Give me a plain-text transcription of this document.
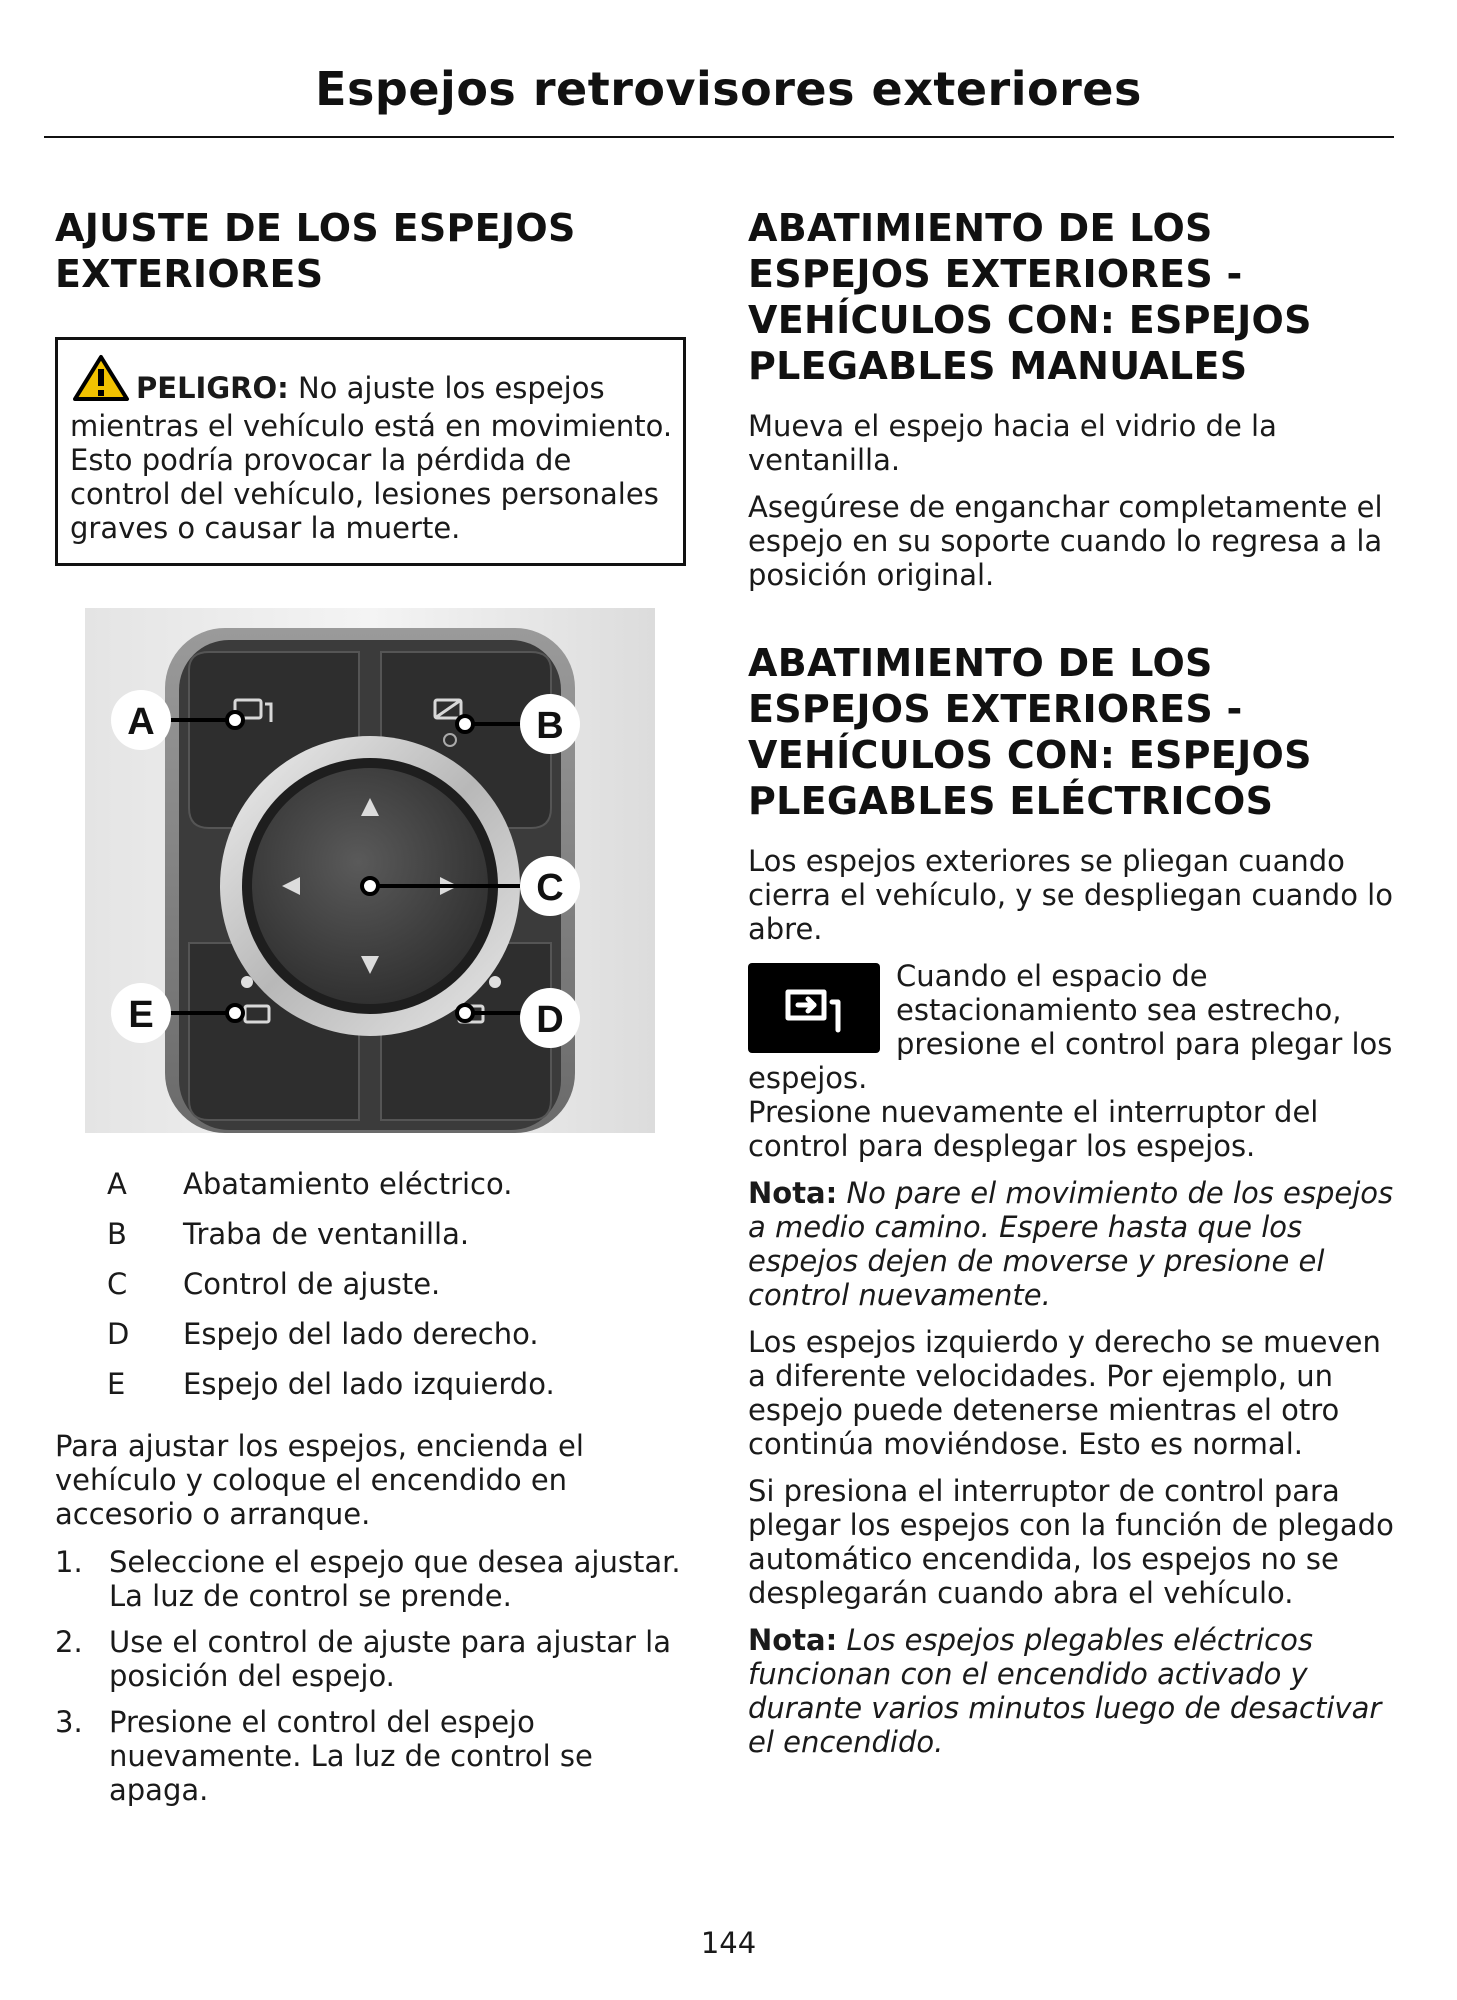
Espejos retrovisores exteriores
AJUSTE DE LOS ESPEJOS
EXTERIORES
PELIGRO: No ajuste los espejos mientras el vehículo está en movimiento. Esto podría provocar la pérdida de control del vehículo, lesiones personales graves o causar la muerte.
A	B
C
D
E
A	Abatamiento eléctrico.
B	Traba de ventanilla.
C	Control de ajuste.
D	Espejo del lado derecho.
E	Espejo del lado izquierdo.

Para ajustar los espejos, encienda el vehículo y coloque el encendido en accesorio o arranque.

1. Seleccione el espejo que desea ajustar. La luz de control se prende.
2. Use el control de ajuste para ajustar la posición del espejo.
3. Presione el control del espejo nuevamente. La luz de control se apaga.
ABATIMIENTO DE LOS
ESPEJOS EXTERIORES -
VEHÍCULOS CON: ESPEJOS
PLEGABLES MANUALES

Mueva el espejo hacia el vidrio de la ventanilla.

Asegúrese de enganchar completamente el espejo en su soporte cuando lo regresa a la posición original.

ABATIMIENTO DE LOS
ESPEJOS EXTERIORES -
VEHÍCULOS CON: ESPEJOS
PLEGABLES ELÉCTRICOS

Los espejos exteriores se pliegan cuando cierra el vehículo, y se despliegan cuando lo abre.

Cuando el espacio de estacionamiento sea estrecho, presione el control para plegar los espejos.

Presione nuevamente el interruptor del control para desplegar los espejos.

Nota: No pare el movimiento de los espejos a medio camino. Espere hasta que los espejos dejen de moverse y presione el control nuevamente.

Los espejos izquierdo y derecho se mueven a diferente velocidades. Por ejemplo, un espejo puede detenerse mientras el otro continúa moviéndose. Esto es normal.

Si presiona el interruptor de control para plegar los espejos con la función de plegado automático encendida, los espejos no se desplegarán cuando abra el vehículo.

Nota: Los espejos plegables eléctricos funcionan con el encendido activado y durante varios minutos luego de desactivar el encendido.

144
